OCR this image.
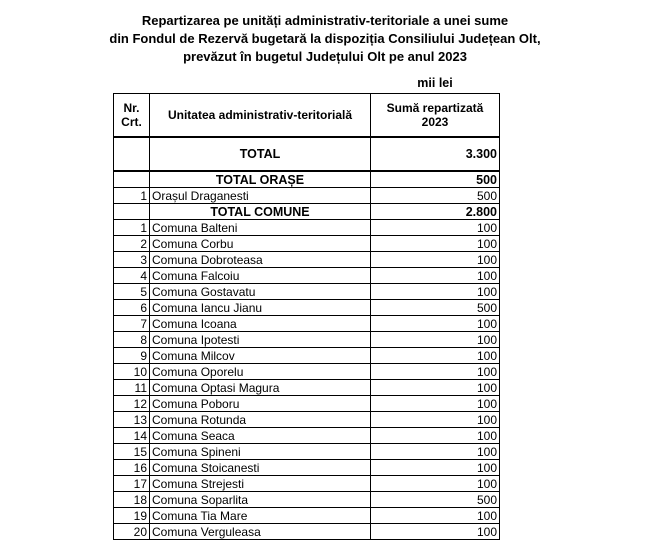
Repartizarea pe unități administrativ-teritoriale a unei sume
din Fondul de Rezervă bugetară la dispoziția Consiliului Județean Olt,
prevăzut în bugetul Județului Olt pe anul 2023
mii lei
Nr.
Crt.	Unitatea administrativ-teritorială	Sumă repartizată
2023
	TOTAL	3.300
	TOTAL ORAȘE	500
1	Orașul Draganesti	500
	TOTAL COMUNE	2.800
1	Comuna Balteni	100
2	Comuna Corbu	100
3	Comuna Dobroteasa	100
4	Comuna Falcoiu	100
5	Comuna Gostavatu	100
6	Comuna Iancu Jianu	500
7	Comuna Icoana	100
8	Comuna Ipotesti	100
9	Comuna Milcov	100
10	Comuna Oporelu	100
11	Comuna Optasi Magura	100
12	Comuna Poboru	100
13	Comuna Rotunda	100
14	Comuna Seaca	100
15	Comuna Spineni	100
16	Comuna Stoicanesti	100
17	Comuna Strejesti	100
18	Comuna Soparlita	500
19	Comuna Tia Mare	100
20	Comuna Verguleasa	100
